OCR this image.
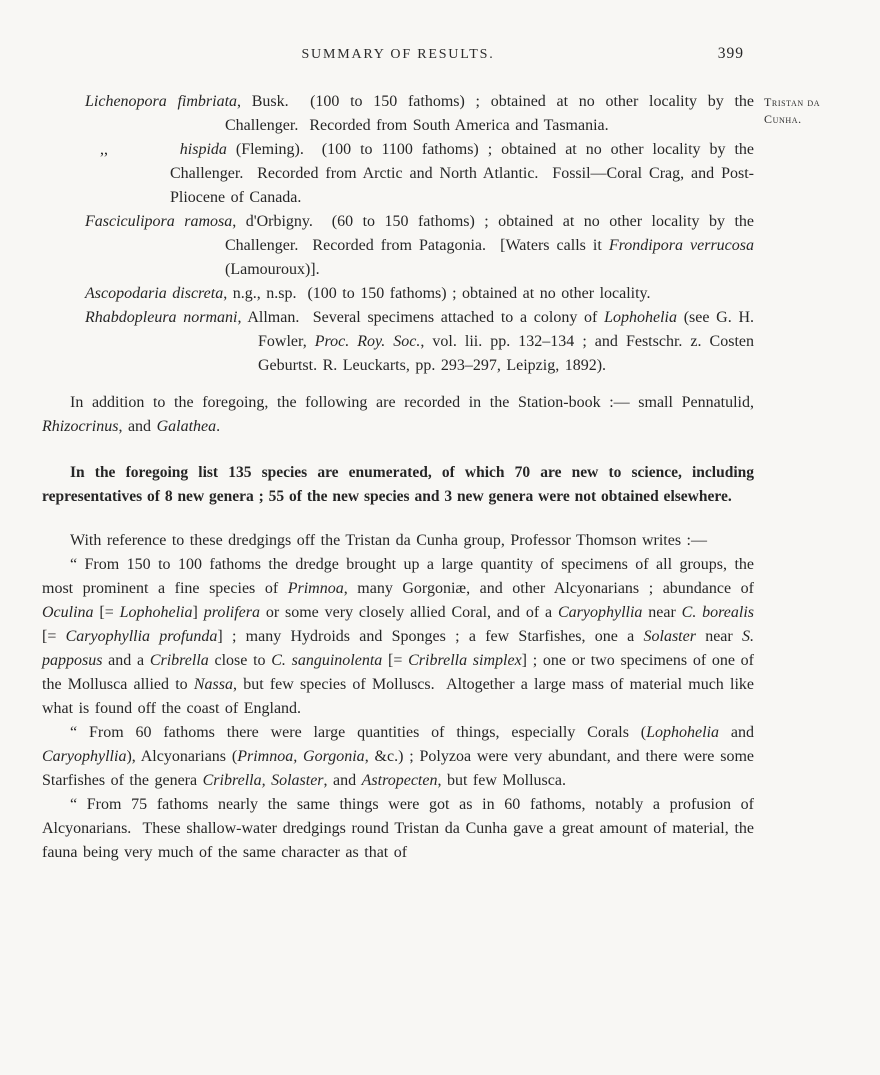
Tristan da
Cunha.
SUMMARY OF RESULTS.	399
Lichenopora fimbriata, Busk.  (100 to 150 fathoms) ; obtained at no other locality by the Challenger.  Recorded from South America and Tasmania.
,,        hispida (Fleming).  (100 to 1100 fathoms) ; obtained at no other locality by the Challenger.  Recorded from Arctic and North Atlantic.  Fossil—Coral Crag, and Post-Pliocene of Canada.
Fasciculipora ramosa, d'Orbigny.  (60 to 150 fathoms) ; obtained at no other locality by the Challenger.  Recorded from Patagonia.  [Waters calls it Frondipora verrucosa (Lamouroux)].
Ascopodaria discreta, n.g., n.sp.  (100 to 150 fathoms) ; obtained at no other locality.
Rhabdopleura normani, Allman.  Several specimens attached to a colony of Lophohelia (see G. H. Fowler, Proc. Roy. Soc., vol. lii. pp. 132–134 ; and Festschr. z. Costen Geburtst. R. Leuckarts, pp. 293–297, Leipzig, 1892).

In addition to the foregoing, the following are recorded in the Station-book :— small Pennatulid, Rhizocrinus, and Galathea.

In the foregoing list 135 species are enumerated, of which 70 are new to science, including representatives of 8 new genera ; 55 of the new species and 3 new genera were not obtained elsewhere.

With reference to these dredgings off the Tristan da Cunha group, Professor Thomson writes :—

“ From 150 to 100 fathoms the dredge brought up a large quantity of specimens of all groups, the most prominent a fine species of Primnoa, many Gorgoniæ, and other Alcyonarians ; abundance of Oculina [= Lophohelia] prolifera or some very closely allied Coral, and of a Caryophyllia near C. borealis [= Caryophyllia profunda] ; many Hydroids and Sponges ; a few Starfishes, one a Solaster near S. papposus and a Cribrella close to C. sanguinolenta [= Cribrella simplex] ; one or two specimens of one of the Mollusca allied to Nassa, but few species of Molluscs.  Altogether a large mass of material much like what is found off the coast of England.

“ From 60 fathoms there were large quantities of things, especially Corals (Lophohelia and Caryophyllia), Alcyonarians (Primnoa, Gorgonia, &c.) ; Polyzoa were very abundant, and there were some Starfishes of the genera Cribrella, Solaster, and Astropecten, but few Mollusca.

“ From 75 fathoms nearly the same things were got as in 60 fathoms, notably a profusion of Alcyonarians.  These shallow-water dredgings round Tristan da Cunha gave a great amount of material, the fauna being very much of the same character as that of
